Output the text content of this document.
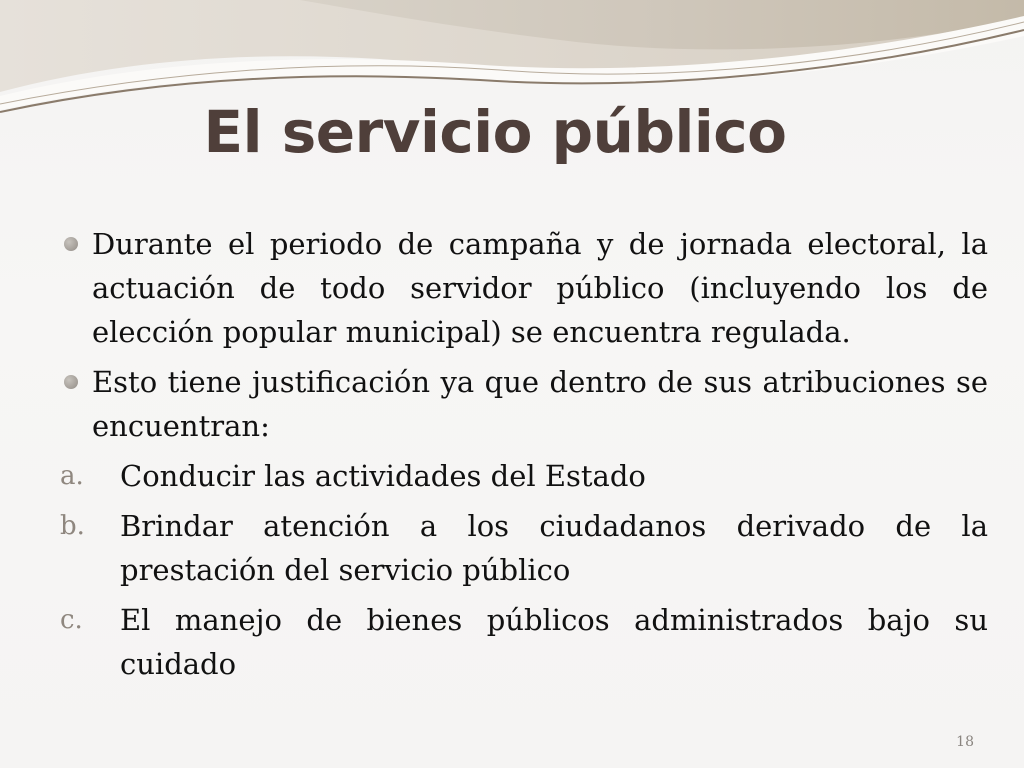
El servicio público
Durante el periodo de campaña y de jornada electoral, la actuación de todo servidor público (incluyendo los de elección popular municipal) se encuentra regulada.
Esto tiene justificación ya que dentro de sus atribuciones se encuentran:
a. Conducir las actividades del Estado
b. Brindar atención a los ciudadanos derivado de la prestación del servicio público
c. El manejo de bienes públicos administrados bajo su cuidado
18
